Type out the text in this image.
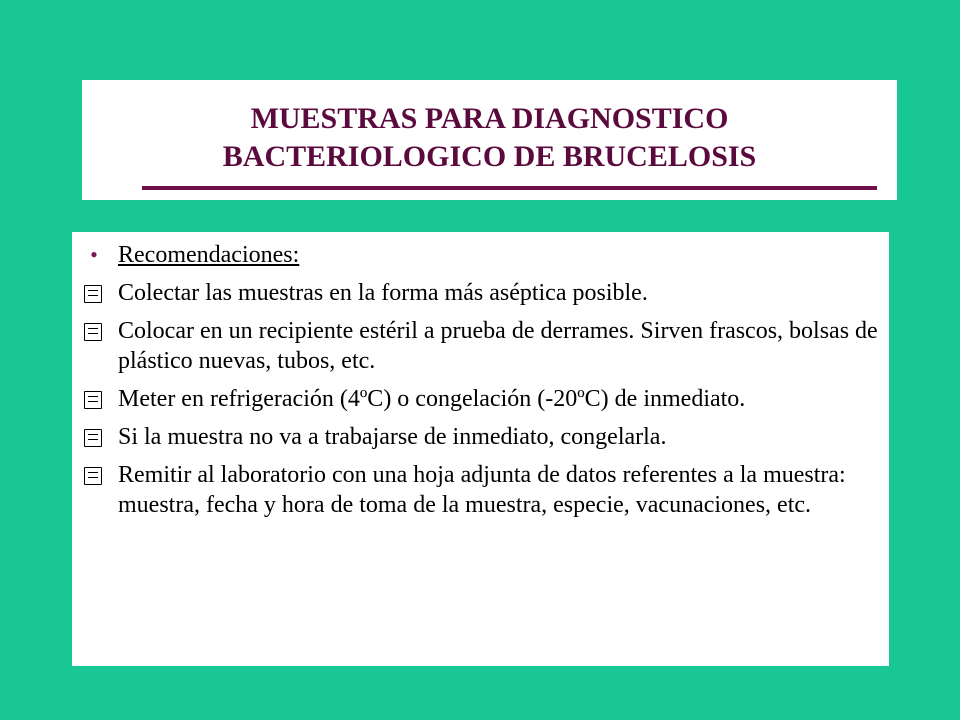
MUESTRAS PARA DIAGNOSTICO
BACTERIOLOGICO DE BRUCELOSIS
• Recomendaciones:
Colectar las muestras en la forma más aséptica posible.
Colocar en un recipiente estéril a prueba de derrames. Sirven frascos, bolsas de plástico nuevas, tubos, etc.
Meter en refrigeración (4ºC) o congelación (-20ºC) de inmediato.
Si la muestra no va a trabajarse de inmediato, congelarla.
Remitir al laboratorio con una hoja adjunta de datos referentes a la muestra: muestra, fecha y hora de toma de la muestra, especie, vacunaciones, etc.
